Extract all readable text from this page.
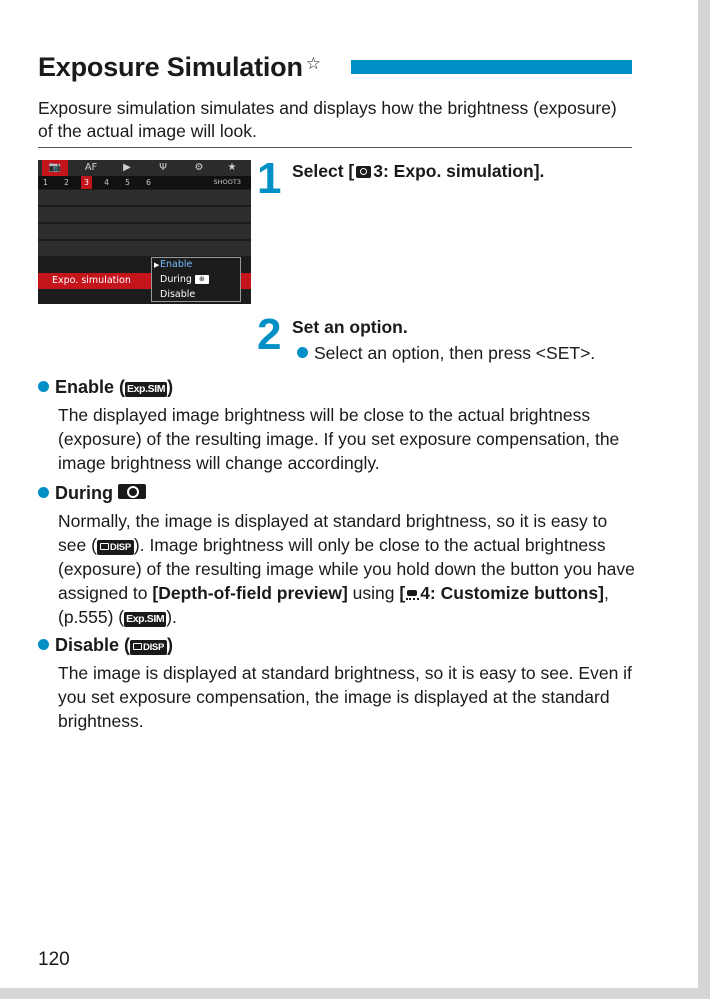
Exposure Simulation ☆
Exposure simulation simulates and displays how the brightness (exposure) of the actual image will look.
📷	AF	▶	Ψ	⚙	★
1	2	3	4	5	6	SHOOT3
Expo. simulation
▶ Enable
During ⊛
Disable
1 Select [ 3: Expo. simulation].
2 Set an option.
Select an option, then press <SET>.
Enable ( Exp.SIM )
The displayed image brightness will be close to the actual brightness (exposure) of the resulting image. If you set exposure compensation, the image brightness will change accordingly.
During
Normally, the image is displayed at standard brightness, so it is easy to see ( DISP ). Image brightness will only be close to the actual brightness (exposure) of the resulting image while you hold down the button you have assigned to [Depth-of-field preview] using [ 4: Customize buttons], (p.555) ( Exp.SIM ).
Disable ( DISP )
The image is displayed at standard brightness, so it is easy to see. Even if you set exposure compensation, the image is displayed at the standard brightness.
120
